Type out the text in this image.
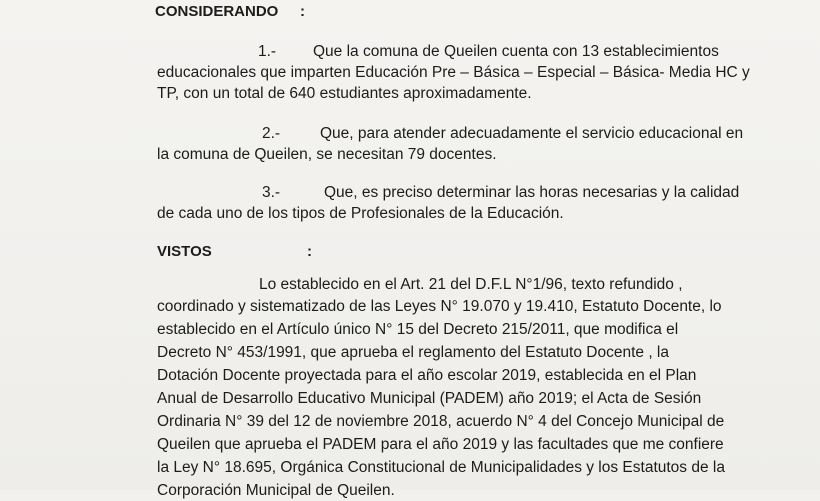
CONSIDERANDO :
1.- Que la comuna de Queilen cuenta con 13 establecimientos
educacionales que imparten Educación Pre – Básica – Especial – Básica- Media HC y
TP, con un total de 640 estudiantes aproximadamente.
2.-	Que, para atender adecuadamente el servicio educacional en
la comuna de Queilen, se necesitan 79 docentes.
3.-	Que, es preciso determinar las horas necesarias y la calidad
de cada uno de los tipos de Profesionales de la Educación.
VISTOS	:
Lo establecido en el Art. 21 del D.F.L N°1/96, texto refundido ,
coordinado y sistematizado de las Leyes N° 19.070 y 19.410, Estatuto Docente, lo
establecido en el Artículo único N° 15 del Decreto 215/2011, que modifica el
Decreto N° 453/1991, que aprueba el reglamento del Estatuto Docente , la
Dotación Docente proyectada para el año escolar 2019, establecida en el Plan
Anual de Desarrollo Educativo Municipal (PADEM) año 2019; el Acta de Sesión
Ordinaria N° 39 del 12 de noviembre 2018, acuerdo N° 4 del Concejo Municipal de
Queilen que aprueba el PADEM para el año 2019 y las facultades que me confiere
la Ley N° 18.695, Orgánica Constitucional de Municipalidades y los Estatutos de la
Corporación Municipal de Queilen.
